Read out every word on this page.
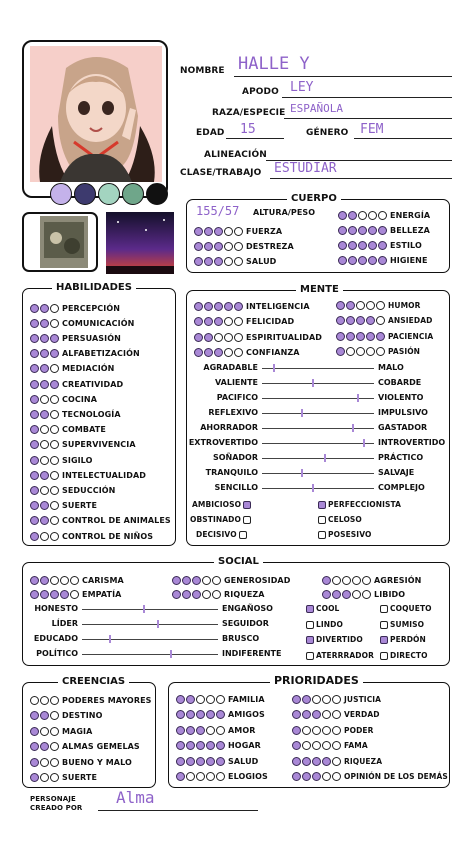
NOMBRE HALLE Y
APODO LEY
RAZA/ESPECIE ESPAÑOLA
EDAD 15	GÉNERO FEM
ALINEACIÓN
CLASE/TRABAJO ESTUDIAR
CUERPO
155/57 ALTURA/PESO
FUERZA
DESTREZA
SALUD
ENERGÍA
BELLEZA
ESTILO
HIGIENE
HABILIDADES
PERCEPCIÓN
COMUNICACIÓN
PERSUASIÓN
ALFABETIZACIÓN
MEDIACIÓN
CREATIVIDAD
COCINA
TECNOLOGÍA
COMBATE
SUPERVIVENCIA
SIGILO
INTELECTUALIDAD
SEDUCCIÓN
SUERTE
CONTROL DE ANIMALES
CONTROL DE NIÑOS
MENTE
INTELIGENCIA
FELICIDAD
ESPIRITUALIDAD
CONFIANZA
HUMOR
ANSIEDAD
PACIENCIA
PASIÓN
AGRADABLE	MALO
VALIENTE	COBARDE
PACIFICO	VIOLENTO
REFLEXIVO	IMPULSIVO
AHORRADOR	GASTADOR
EXTROVERTIDO	INTROVERTIDO
SOÑADOR	PRÁCTICO
TRANQUILO	SALVAJE
SENCILLO	COMPLEJO
AMBICIOSO
OBSTINADO
DECISIVO
PERFECCIONISTA
CELOSO
POSESIVO
SOCIAL
CARISMA	GENEROSIDAD	AGRESIÓN
EMPATÍA	RIQUEZA	LIBIDO
HONESTO	ENGAÑOSO
LÍDER	SEGUIDOR
EDUCADO	BRUSCO
POLÍTICO	INDIFERENTE
COOL
LINDO
DIVERTIDO
ATERRRADOR
COQUETO
SUMISO
PERDÓN
DIRECTO
CREENCIAS
PODERES MAYORES
DESTINO
MAGIA
ALMAS GEMELAS
BUENO Y MALO
SUERTE
PRIORIDADES
FAMILIA
AMIGOS
AMOR
HOGAR
SALUD
ELOGIOS
JUSTICIA
VERDAD
PODER
FAMA
RIQUEZA
OPINIÓN DE LOS DEMÁS
PERSONAJE
CREADO POR
Alma
